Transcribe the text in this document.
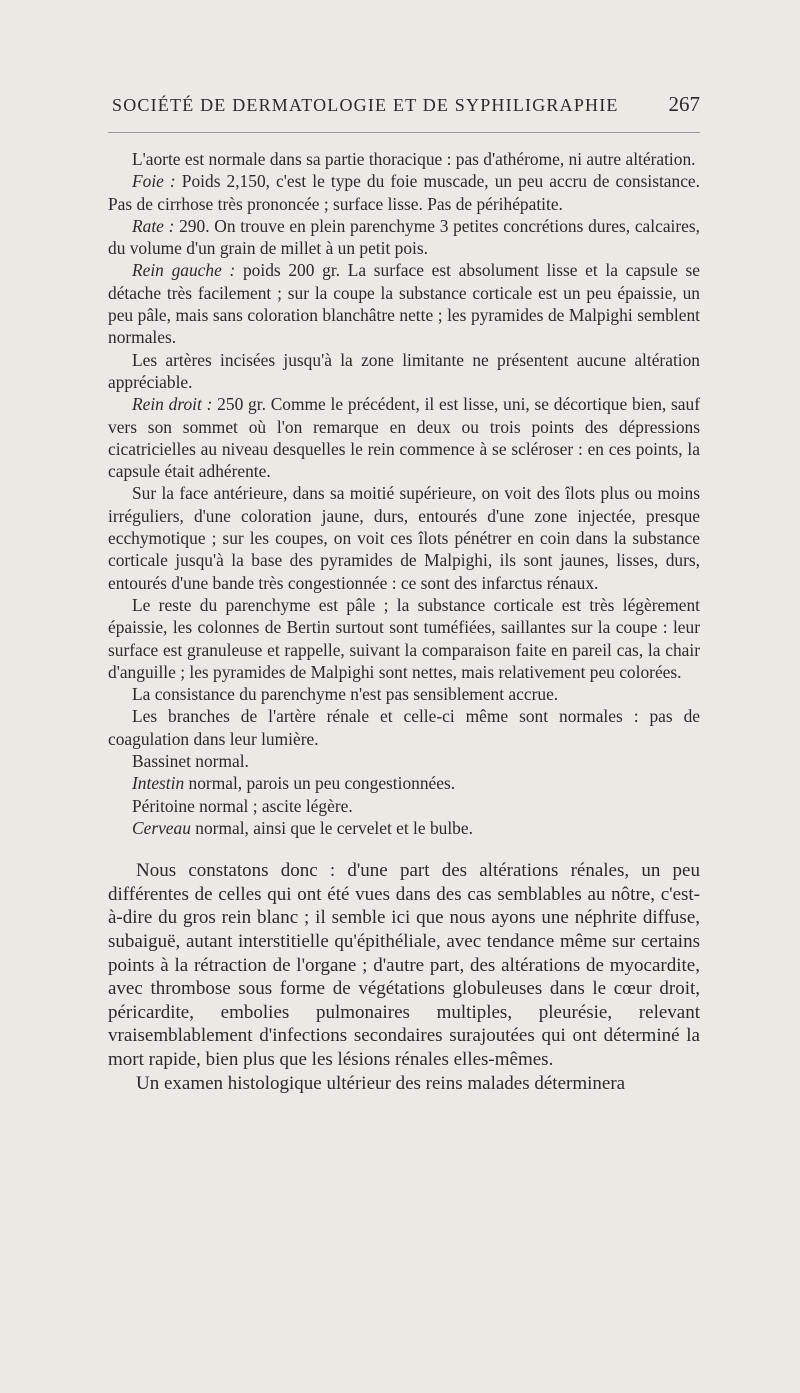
SOCIÉTÉ DE DERMATOLOGIE ET DE SYPHILIGRAPHIE 267

L'aorte est normale dans sa partie thoracique : pas d'athérome, ni autre altération.

Foie : Poids 2,150, c'est le type du foie muscade, un peu accru de consistance. Pas de cirrhose très prononcée ; surface lisse. Pas de périhépatite.

Rate : 290. On trouve en plein parenchyme 3 petites concrétions dures, calcaires, du volume d'un grain de millet à un petit pois.

Rein gauche : poids 200 gr. La surface est absolument lisse et la capsule se détache très facilement ; sur la coupe la substance corticale est un peu épaissie, un peu pâle, mais sans coloration blanchâtre nette ; les pyramides de Malpighi semblent normales.

Les artères incisées jusqu'à la zone limitante ne présentent aucune altération appréciable.

Rein droit : 250 gr. Comme le précédent, il est lisse, uni, se décortique bien, sauf vers son sommet où l'on remarque en deux ou trois points des dépressions cicatricielles au niveau desquelles le rein commence à se scléroser : en ces points, la capsule était adhérente.

Sur la face antérieure, dans sa moitié supérieure, on voit des îlots plus ou moins irréguliers, d'une coloration jaune, durs, entourés d'une zone injectée, presque ecchymotique ; sur les coupes, on voit ces îlots pénétrer en coin dans la substance corticale jusqu'à la base des pyramides de Malpighi, ils sont jaunes, lisses, durs, entourés d'une bande très congestionnée : ce sont des infarctus rénaux.

Le reste du parenchyme est pâle ; la substance corticale est très légèrement épaissie, les colonnes de Bertin surtout sont tuméfiées, saillantes sur la coupe : leur surface est granuleuse et rappelle, suivant la comparaison faite en pareil cas, la chair d'anguille ; les pyramides de Malpighi sont nettes, mais relativement peu colorées.

La consistance du parenchyme n'est pas sensiblement accrue.

Les branches de l'artère rénale et celle-ci même sont normales : pas de coagulation dans leur lumière.

Bassinet normal.

Intestin normal, parois un peu congestionnées.

Péritoine normal ; ascite légère.

Cerveau normal, ainsi que le cervelet et le bulbe.

Nous constatons donc : d'une part des altérations rénales, un peu différentes de celles qui ont été vues dans des cas semblables au nôtre, c'est-à-dire du gros rein blanc ; il semble ici que nous ayons une néphrite diffuse, subaiguë, autant interstitielle qu'épithéliale, avec tendance même sur certains points à la rétraction de l'organe ; d'autre part, des altérations de myocardite, avec thrombose sous forme de végétations globuleuses dans le cœur droit, péricardite, embolies pulmonaires multiples, pleurésie, relevant vraisemblablement d'infections secondaires surajoutées qui ont déterminé la mort rapide, bien plus que les lésions rénales elles-mêmes.

Un examen histologique ultérieur des reins malades déterminera
